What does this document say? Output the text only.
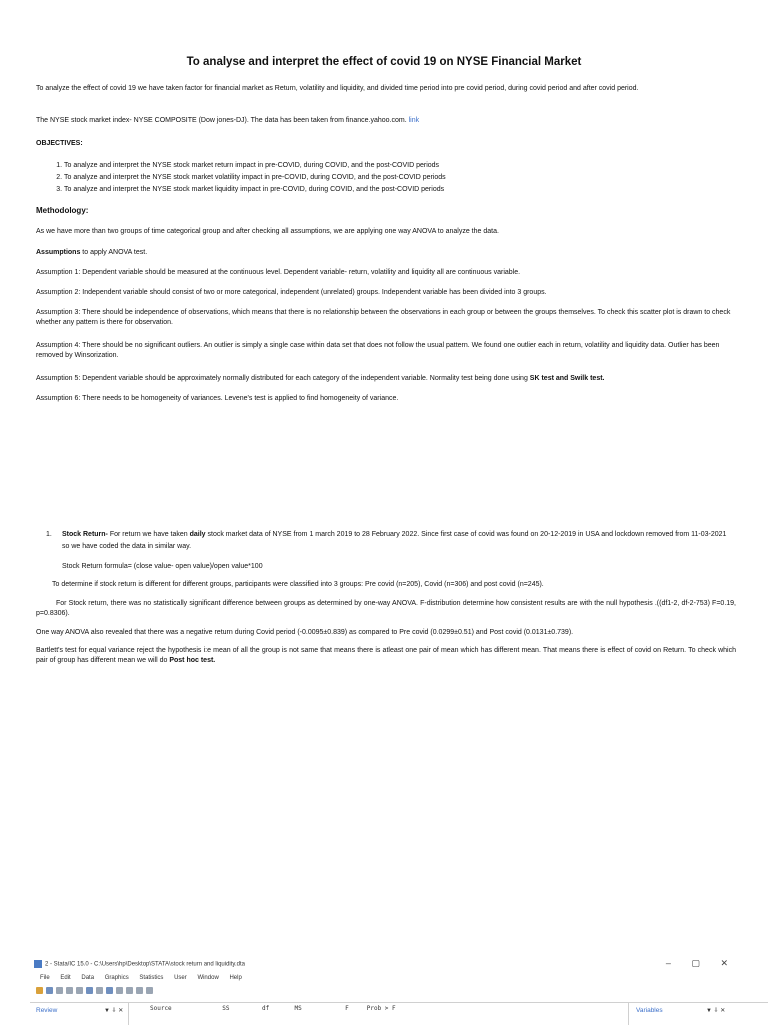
To analyse and interpret the effect of covid 19 on NYSE Financial Market

To analyze the effect of covid 19 we have taken factor for financial market as Return, volatility and liquidity, and divided time period into pre covid period, during covid period and after covid period.

The NYSE stock market index- NYSE COMPOSITE (Dow jones-DJ). The data has been taken from finance.yahoo.com. link

OBJECTIVES:

1. To analyze and interpret the NYSE stock market return impact in pre-COVID, during COVID, and the post-COVID periods
2. To analyze and interpret the NYSE stock market volatility impact in pre-COVID, during COVID, and the post-COVID periods
3. To analyze and interpret the NYSE stock market liquidity impact in pre-COVID, during COVID, and the post-COVID periods

Methodology:

As we have more than two groups of time categorical group and after checking all assumptions, we are applying one way ANOVA to analyze the data.

Assumptions to apply ANOVA test.

Assumption 1: Dependent variable should be measured at the continuous level. Dependent variable- return, volatility and liquidity all are continuous variable.

Assumption 2: Independent variable should consist of two or more categorical, independent (unrelated) groups. Independent variable has been divided into 3 groups.

Assumption 3: There should be independence of observations, which means that there is no relationship between the observations in each group or between the groups themselves. To check this scatter plot is drawn to check whether any pattern is there for observation.

Assumption 4: There should be no significant outliers. An outlier is simply a single case within data set that does not follow the usual pattern. We found one outlier each in return, volatility and liquidity data. Outlier has been removed by Winsorization.

Assumption 5: Dependent variable should be approximately normally distributed for each category of the independent variable. Normality test being done using SK test and Swilk test.

Assumption 6: There needs to be homogeneity of variances. Levene's test is applied to find homogeneity of variance.

1. Stock Return- For return we have taken daily stock market data of NYSE from 1 march 2019 to 28 February 2022. Since first case of covid was found on 20-12-2019 in USA and lockdown removed from 11-03-2021 so we have coded the data in similar way.

Stock Return formula= (close value- open value)/open value*100

To determine if stock return is different for different groups, participants were classified into 3 groups: Pre covid (n=205), Covid (n=306) and post covid (n=245).

For Stock return, there was no statistically significant difference between groups as determined by one-way ANOVA. F-distribution determine how consistent results are with the null hypothesis .((df1-2, df-2-753) F=0.19, p=0.8306).

One way ANOVA also revealed that there was a negative return during Covid period (-0.0095±0.839) as compared to Pre covid (0.0299±0.51) and Post covid (0.0131±0.739).

Bartlett's test for equal variance reject the hypothesis i:e mean of all the group is not same that means there is atleast one pair of mean which has different mean. That means there is effect of covid on Return. To check which pair of group has different mean we will do Post hoc test.

2 - Stata/IC 15.0 - C:\Users\hp\Desktop\STATA\stock return and liquidity.dta	– ▢ ✕
File Edit Data Graphics Statistics User Window Help
Review	▼ ⇩ ✕	Source              SS         df       MS            F     Prob > F	Variables	▼ ⇩ ✕
